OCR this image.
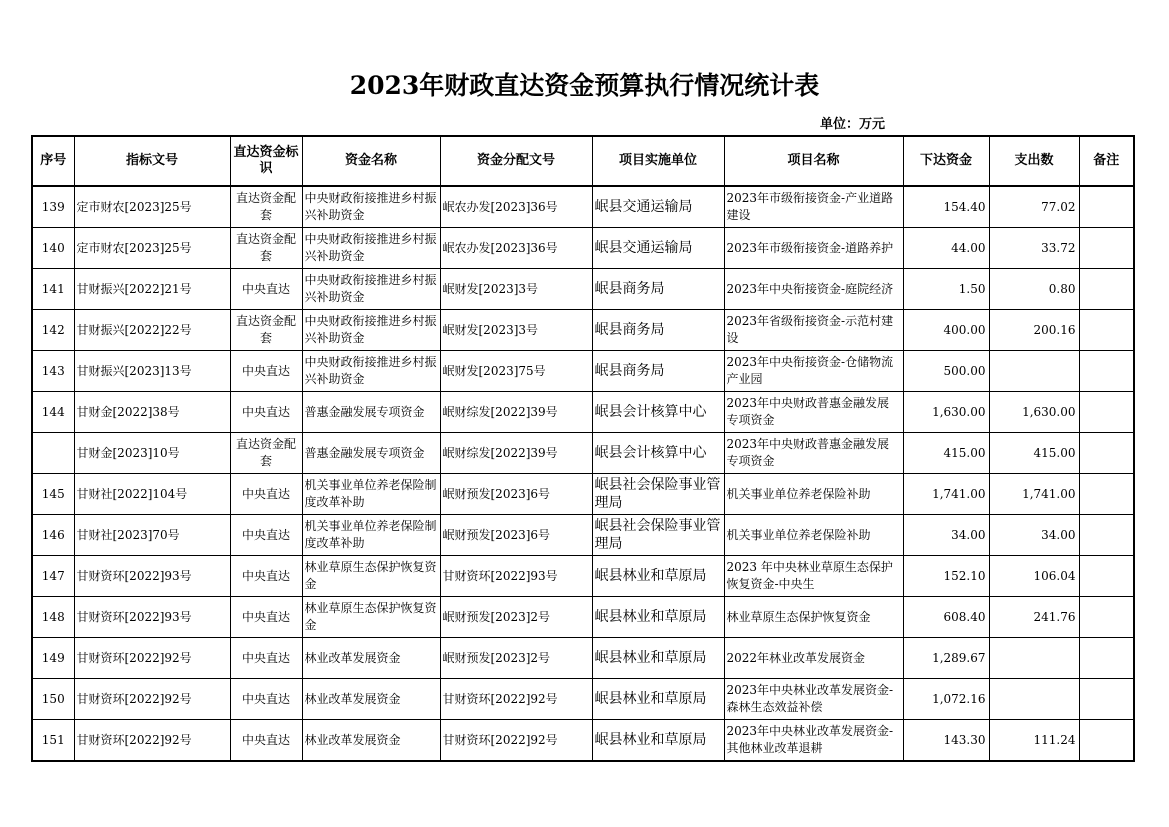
2023年财政直达资金预算执行情况统计表
单位：万元
序号	指标文号	直达资金标识	资金名称	资金分配文号	项目实施单位	项目名称	下达资金	支出数	备注
139	定市财农[2023]25号	直达资金配套	中央财政衔接推进乡村振兴补助资金	岷农办发[2023]36号	岷县交通运输局	2023年市级衔接资金-产业道路建设	154.40	77.02	
140	定市财农[2023]25号	直达资金配套	中央财政衔接推进乡村振兴补助资金	岷农办发[2023]36号	岷县交通运输局	2023年市级衔接资金-道路养护	44.00	33.72	
141	甘财振兴[2022]21号	中央直达	中央财政衔接推进乡村振兴补助资金	岷财发[2023]3号	岷县商务局	2023年中央衔接资金-庭院经济	1.50	0.80	
142	甘财振兴[2022]22号	直达资金配套	中央财政衔接推进乡村振兴补助资金	岷财发[2023]3号	岷县商务局	2023年省级衔接资金-示范村建设	400.00	200.16	
143	甘财振兴[2023]13号	中央直达	中央财政衔接推进乡村振兴补助资金	岷财发[2023]75号	岷县商务局	2023年中央衔接资金-仓储物流产业园	500.00		
144	甘财金[2022]38号	中央直达	普惠金融发展专项资金	岷财综发[2022]39号	岷县会计核算中心	2023年中央财政普惠金融发展专项资金	1,630.00	1,630.00	
	甘财金[2023]10号	直达资金配套	普惠金融发展专项资金	岷财综发[2022]39号	岷县会计核算中心	2023年中央财政普惠金融发展专项资金	415.00	415.00	
145	甘财社[2022]104号	中央直达	机关事业单位养老保险制度改革补助	岷财预发[2023]6号	岷县社会保险事业管理局	机关事业单位养老保险补助	1,741.00	1,741.00	
146	甘财社[2023]70号	中央直达	机关事业单位养老保险制度改革补助	岷财预发[2023]6号	岷县社会保险事业管理局	机关事业单位养老保险补助	34.00	34.00	
147	甘财资环[2022]93号	中央直达	林业草原生态保护恢复资金	甘财资环[2022]93号	岷县林业和草原局	2023 年中央林业草原生态保护恢复资金-中央生	152.10	106.04	
148	甘财资环[2022]93号	中央直达	林业草原生态保护恢复资金	岷财预发[2023]2号	岷县林业和草原局	林业草原生态保护恢复资金	608.40	241.76	
149	甘财资环[2022]92号	中央直达	林业改革发展资金	岷财预发[2023]2号	岷县林业和草原局	2022年林业改革发展资金	1,289.67		
150	甘财资环[2022]92号	中央直达	林业改革发展资金	甘财资环[2022]92号	岷县林业和草原局	2023年中央林业改革发展资金-森林生态效益补偿	1,072.16		
151	甘财资环[2022]92号	中央直达	林业改革发展资金	甘财资环[2022]92号	岷县林业和草原局	2023年中央林业改革发展资金-其他林业改革退耕	143.30	111.24	
